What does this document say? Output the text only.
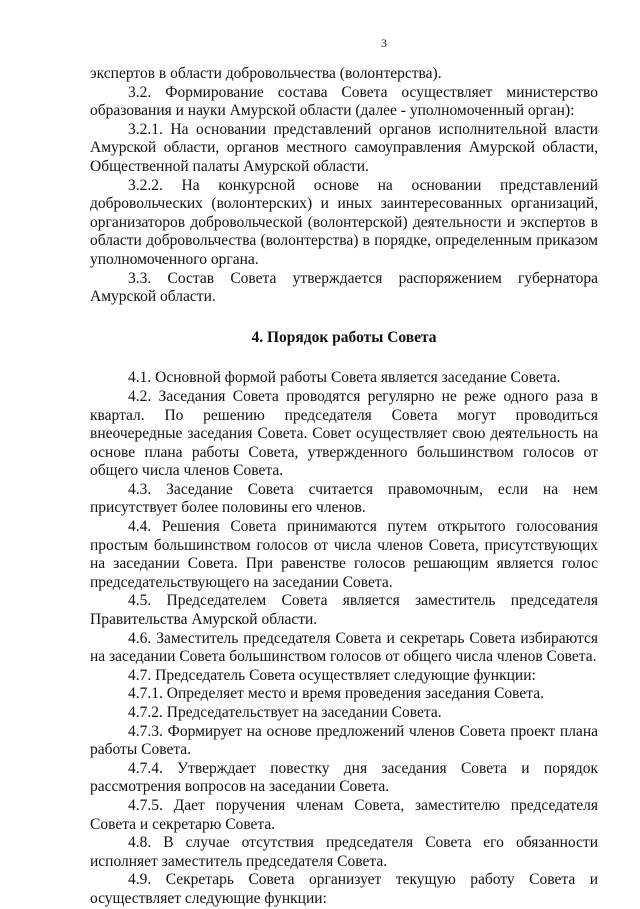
3

экспертов в области добровольчества (волонтерства).

3.2. Формирование состава Совета осуществляет министерство образования и науки Амурской области (далее - уполномоченный орган):

3.2.1. На основании представлений органов исполнительной власти Амурской области, органов местного самоуправления Амурской области, Общественной палаты Амурской области.

3.2.2. На конкурсной основе на основании представлений добровольческих (волонтерских) и иных заинтересованных организаций, организаторов добровольческой (волонтерской) деятельности и экспертов в области добровольчества (волонтерства) в порядке, определенным приказом уполномоченного органа.

3.3. Состав Совета утверждается распоряжением губернатора Амурской области.

4. Порядок работы Совета

4.1. Основной формой работы Совета является заседание Совета.

4.2. Заседания Совета проводятся регулярно не реже одного раза в квартал. По решению председателя Совета могут проводиться внеочередные заседания Совета. Совет осуществляет свою деятельность на основе плана работы Совета, утвержденного большинством голосов от общего числа членов Совета.

4.3. Заседание Совета считается правомочным, если на нем присутствует более половины его членов.

4.4. Решения Совета принимаются путем открытого голосования простым большинством голосов от числа членов Совета, присутствующих на заседании Совета. При равенстве голосов решающим является голос председательствующего на заседании Совета.

4.5. Председателем Совета является заместитель председателя Правительства Амурской области.

4.6. Заместитель председателя Совета и секретарь Совета избираются на заседании Совета большинством голосов от общего числа членов Совета.

4.7. Председатель Совета осуществляет следующие функции:

4.7.1. Определяет место и время проведения заседания Совета.

4.7.2. Председательствует на заседании Совета.

4.7.3. Формирует на основе предложений членов Совета проект плана работы Совета.

4.7.4. Утверждает повестку дня заседания Совета и порядок рассмотрения вопросов на заседании Совета.

4.7.5. Дает поручения членам Совета, заместителю председателя Совета и секретарю Совета.

4.8. В случае отсутствия председателя Совета его обязанности исполняет заместитель председателя Совета.

4.9. Секретарь Совета организует текущую работу Совета и осуществляет следующие функции:
